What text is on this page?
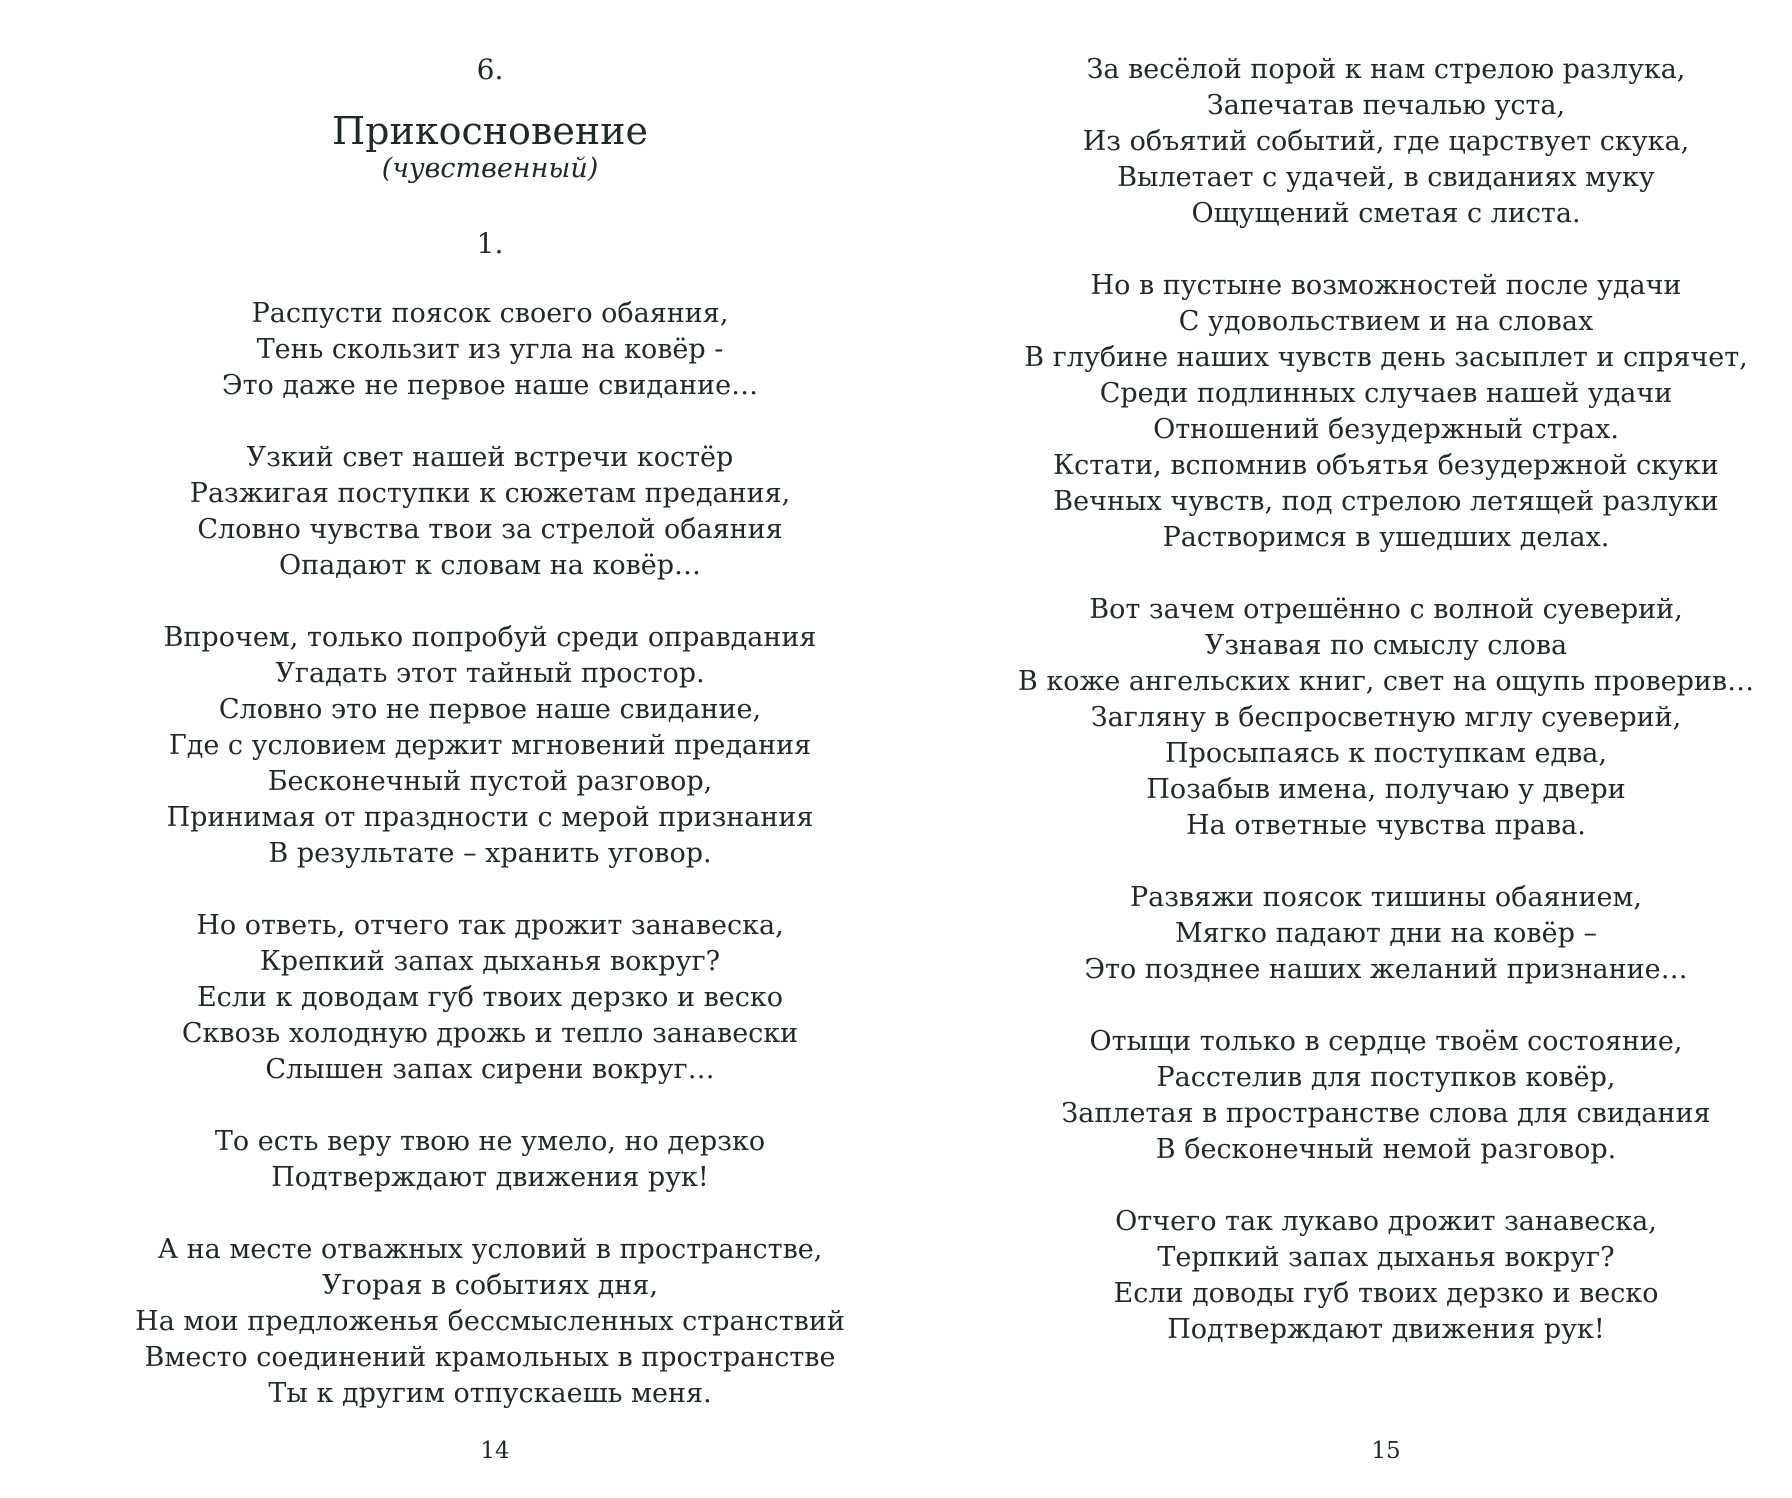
6.
Прикосновение
(чувственный)
1.
Распусти поясок своего обаяния,
Тень скользит из угла на ковёр -
Это даже не первое наше свидание…
Узкий свет нашей встречи костёр
Разжигая поступки к сюжетам предания,
Словно чувства твои за стрелой обаяния
Опадают к словам на ковёр…
Впрочем, только попробуй среди оправдания
Угадать этот тайный простор.
Словно это не первое наше свидание,
Где с условием держит мгновений предания
Бесконечный пустой разговор,
Принимая от праздности с мерой признания
В результате – хранить уговор.
Но ответь, отчего так дрожит занавеска,
Крепкий запах дыханья вокруг?
Если к доводам губ твоих дерзко и веско
Сквозь холодную дрожь и тепло занавески
Слышен запах сирени вокруг…
То есть веру твою не умело, но дерзко
Подтверждают движения рук!
А на месте отважных условий в пространстве,
Угорая в событиях дня,
На мои предложенья бессмысленных странствий
Вместо соединений крамольных в пространстве
Ты к другим отпускаешь меня.
14
За весёлой порой к нам стрелою разлука,
Запечатав печалью уста,
Из объятий событий, где царствует скука,
Вылетает с удачей, в свиданиях муку
Ощущений сметая с листа.
Но в пустыне возможностей после удачи
С удовольствием и на словах
В глубине наших чувств день засыплет и спрячет,
Среди подлинных случаев нашей удачи
Отношений безудержный страх.
Кстати, вспомнив объятья безудержной скуки
Вечных чувств, под стрелою летящей разлуки
Растворимся в ушедших делах.
Вот зачем отрешённо с волной суеверий,
Узнавая по смыслу слова
В коже ангельских книг, свет на ощупь проверив…
Загляну в беспросветную мглу суеверий,
Просыпаясь к поступкам едва,
Позабыв имена, получаю у двери
На ответные чувства права.
Развяжи поясок тишины обаянием,
Мягко падают дни на ковёр –
Это позднее наших желаний признание…
Отыщи только в сердце твоём состояние,
Расстелив для поступков ковёр,
Заплетая в пространстве слова для свидания
В бесконечный немой разговор.
Отчего так лукаво дрожит занавеска,
Терпкий запах дыханья вокруг?
Если доводы губ твоих дерзко и веско
Подтверждают движения рук!
15
